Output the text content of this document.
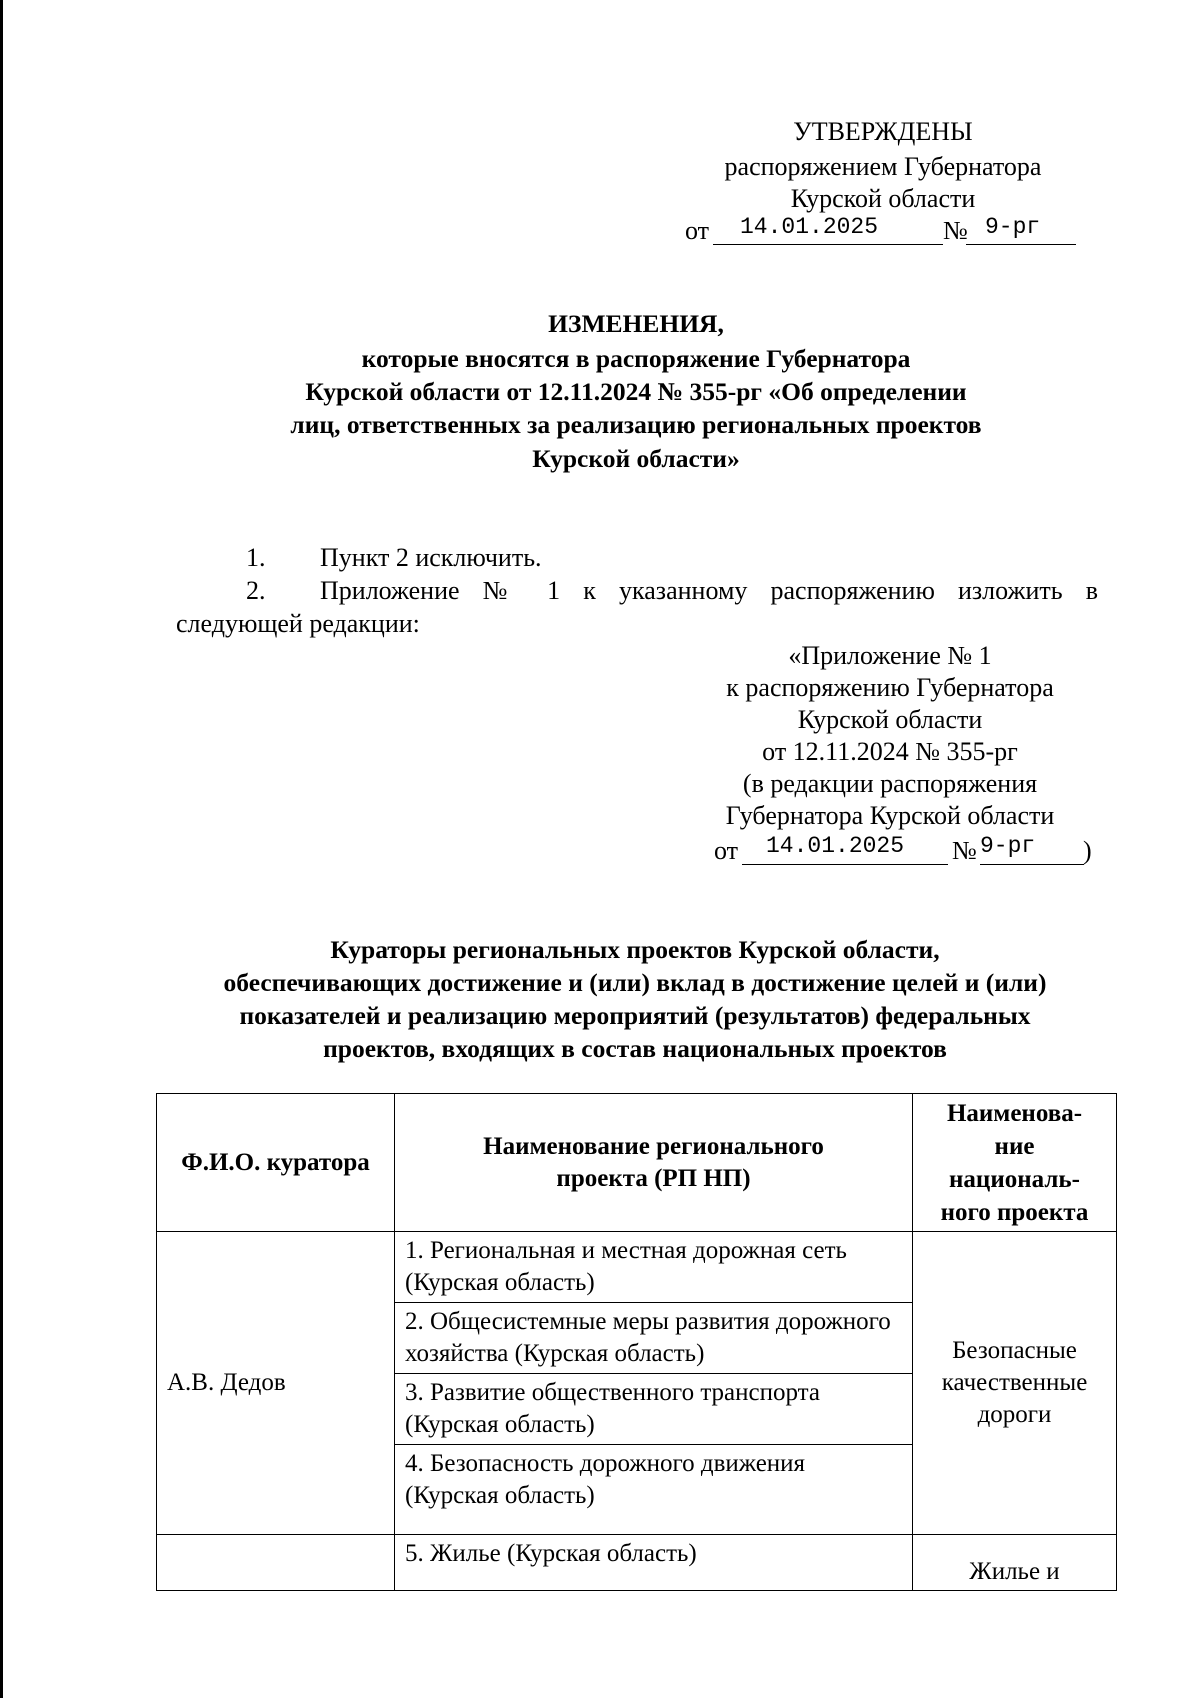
УТВЕРЖДЕНЫ
распоряжением Губернатора
Курской области
от 14.01.2025 № 9-рг
ИЗМЕНЕНИЯ,
которые вносятся в распоряжение Губернатора
Курской области от 12.11.2024 № 355-рг «Об определении
лиц, ответственных за реализацию региональных проектов
Курской области»
1. Пункт 2 исключить.
2. Приложение № 1 к указанному распоряжению изложить в
следующей редакции:
«Приложение № 1
к распоряжению Губернатора
Курской области
от 12.11.2024 № 355-рг
(в редакции распоряжения
Губернатора Курской области
от 14.01.2025 № 9-рг )
Кураторы региональных проектов Курской области,
обеспечивающих достижение и (или) вклад в достижение целей и (или)
показателей и реализацию мероприятий (результатов) федеральных
проектов, входящих в состав национальных проектов
Ф.И.О. куратора	Наименование регионального проекта (РП НП)	Наименова-
ние
националь-
ного проекта
А.В. Дедов	1. Региональная и местная дорожная сеть (Курская область)	Безопасные
качественные
дороги
	2. Общесистемные меры развития дорожного хозяйства (Курская область)	
	3. Развитие общественного транспорта (Курская область)	
	4. Безопасность дорожного движения (Курская область)	
	5. Жилье (Курская область)	Жилье и
